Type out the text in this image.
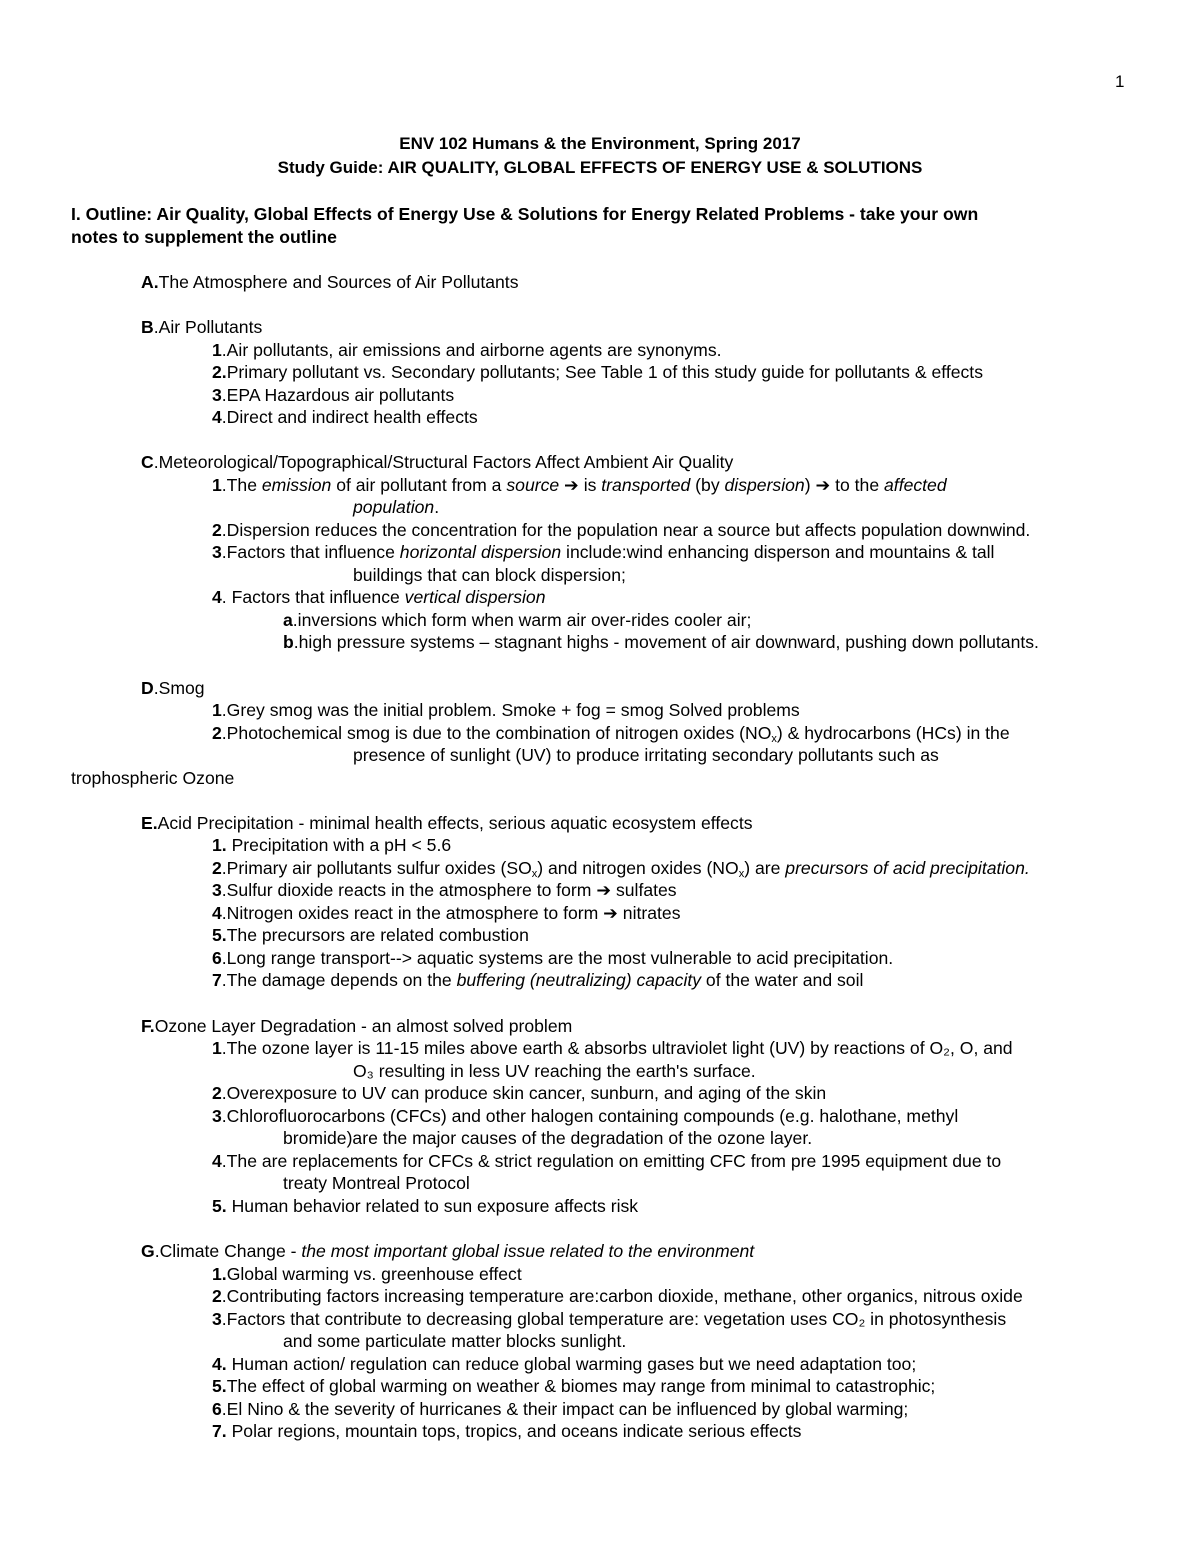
1
ENV 102 Humans & the Environment, Spring 2017
Study Guide: AIR QUALITY, GLOBAL EFFECTS OF ENERGY USE & SOLUTIONS
I. Outline: Air Quality, Global Effects of Energy Use & Solutions for Energy Related Problems - take your own
notes to supplement the outline
A.The Atmosphere and Sources of Air Pollutants
B.Air Pollutants
1.Air pollutants, air emissions and airborne agents are synonyms.
2.Primary pollutant vs. Secondary pollutants; See Table 1 of this study guide for pollutants & effects
3.EPA Hazardous air pollutants
4.Direct and indirect health effects
C.Meteorological/Topographical/Structural Factors Affect Ambient Air Quality
1.The emission of air pollutant from a source ➔ is transported (by dispersion) ➔ to the affected
population.
2.Dispersion reduces the concentration for the population near a source but affects population downwind.
3.Factors that influence horizontal dispersion include:wind enhancing disperson and mountains & tall
buildings that can block dispersion;
4. Factors that influence vertical dispersion
a.inversions which form when warm air over-rides cooler air;
b.high pressure systems – stagnant highs - movement of air downward, pushing down pollutants.
D.Smog
1.Grey smog was the initial problem. Smoke + fog = smog Solved problems
2.Photochemical smog is due to the combination of nitrogen oxides $(NO_x)$ & hydrocarbons (HCs) in the
presence of sunlight (UV) to produce irritating secondary pollutants such as
trophospheric Ozone
E.Acid Precipitation - minimal health effects, serious aquatic ecosystem effects
1. Precipitation with a pH < 5.6
2.Primary air pollutants sulfur oxides $(SO_x)$ and nitrogen oxides $(NO_x)$ are precursors of acid precipitation.
3.Sulfur dioxide reacts in the atmosphere to form ➔ sulfates
4.Nitrogen oxides react in the atmosphere to form ➔ nitrates
5.The precursors are related combustion
6.Long range transport--> aquatic systems are the most vulnerable to acid precipitation.
7.The damage depends on the buffering (neutralizing) capacity of the water and soil
F.Ozone Layer Degradation - an almost solved problem
1.The ozone layer is 11-15 miles above earth & absorbs ultraviolet light (UV) by reactions of O₂, O, and
O₃ resulting in less UV reaching the earth's surface.
2.Overexposure to UV can produce skin cancer, sunburn, and aging of the skin
3.Chlorofluorocarbons (CFCs) and other halogen containing compounds (e.g. halothane, methyl
bromide)are the major causes of the degradation of the ozone layer.
4.The are replacements for CFCs & strict regulation on emitting CFC from pre 1995 equipment due to
treaty Montreal Protocol
5. Human behavior related to sun exposure affects risk
G.Climate Change - the most important global issue related to the environment
1.Global warming vs. greenhouse effect
2.Contributing factors increasing temperature are:carbon dioxide, methane, other organics, nitrous oxide
3.Factors that contribute to decreasing global temperature are: vegetation uses CO₂ in photosynthesis
and some particulate matter blocks sunlight.
4. Human action/ regulation can reduce global warming gases but we need adaptation too;
5.The effect of global warming on weather & biomes may range from minimal to catastrophic;
6.El Nino & the severity of hurricanes & their impact can be influenced by global warming;
7. Polar regions, mountain tops, tropics, and oceans indicate serious effects
